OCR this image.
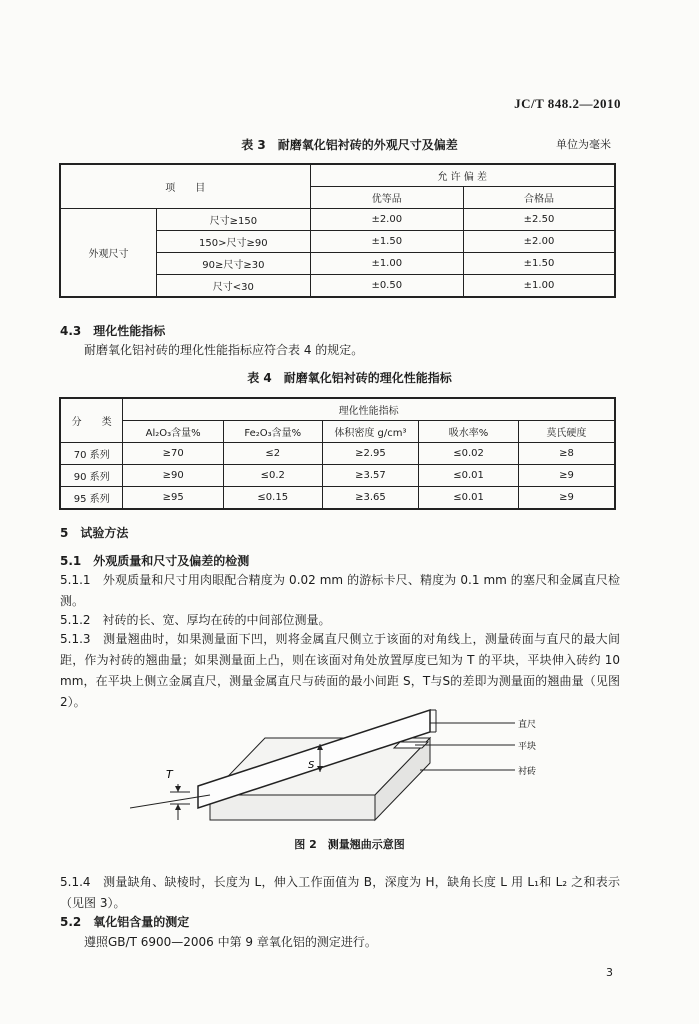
JC/T 848.2—2010
表 3　耐磨氧化铝衬砖的外观尺寸及偏差	单位为毫米
项　　目		允 许 偏 差	
		优等品	合格品
外观尺寸	尺寸≥150	±2.00	±2.50
	150>尺寸≥90	±1.50	±2.00
	90≥尺寸≥30	±1.00	±1.50
	尺寸<30	±0.50	±1.00
4.3　理化性能指标
耐磨氧化铝衬砖的理化性能指标应符合表 4 的规定。
表 4　耐磨氧化铝衬砖的理化性能指标
分　　类	理化性能指标				
	Al₂O₃含量%	Fe₂O₃含量%	体积密度 g/cm³	吸水率%	莫氏硬度
70 系列	≥70	≤2	≥2.95	≤0.02	≥8
90 系列	≥90	≤0.2	≥3.57	≤0.01	≥9
95 系列	≥95	≤0.15	≥3.65	≤0.01	≥9
5　试验方法
5.1　外观质量和尺寸及偏差的检测
5.1.1　外观质量和尺寸用肉眼配合精度为 0.02 mm 的游标卡尺、精度为 0.1 mm 的塞尺和金属直尺检测。
5.1.2　衬砖的长、宽、厚均在砖的中间部位测量。
5.1.3　测量翘曲时，如果测量面下凹，则将金属直尺侧立于该面的对角线上，测量砖面与直尺的最大间距，作为衬砖的翘曲量；如果测量面上凸，则在该面对角处放置厚度已知为 T 的平块，平块伸入砖约 10 mm，在平块上侧立金属直尺，测量金属直尺与砖面的最小间距 S，T与S的差即为测量面的翘曲量（见图2）。
直尺
平块
衬砖
T
S
图 2　测量翘曲示意图
5.1.4　测量缺角、缺棱时，长度为 L，伸入工作面值为 B，深度为 H，缺角长度 L 用 L₁和 L₂ 之和表示（见图 3）。
5.2　氧化铝含量的测定
遵照GB/T 6900—2006 中第 9 章氧化铝的测定进行。
3
